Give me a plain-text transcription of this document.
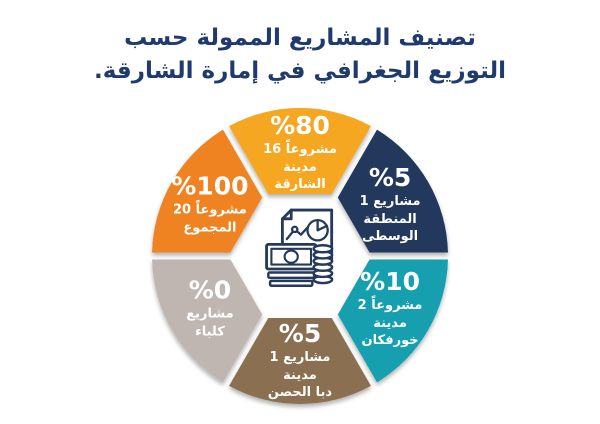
تصنيف المشاريع الممولة حسب
التوزيع الجغرافي في إمارة الشارقة.
%80
16 مشروعاً
مدينة
الشارقة	%5
1 مشاريع
المنطقة
الوسطى
%10
2 مشروعاً
مدينة
خورفكان
%5
1 مشاريع
مدينة
دبا الحصن
%0
مشاريع
كلباء
%100
20 مشروعاً
المجموع
